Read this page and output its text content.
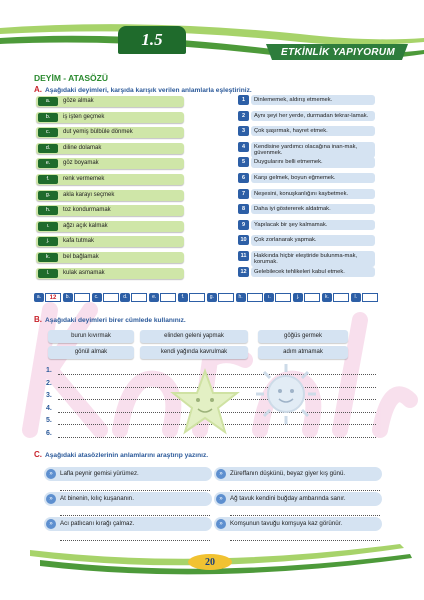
1.5
ETKİNLİK YAPIYORUM
DEYİM - ATASÖZÜ
A. Aşağıdaki deyimleri, karşıda karışık verilen anlamlarla eşleştiriniz.
a.	göze almak
b.	iş işten geçmek
c.	dut yemiş bülbüle dönmek
d.	diline dolamak
e.	göz boyamak
f.	renk vermemek
g.	akla karayı seçmek
h.	toz kondurmamak
ı.	ağzı açık kalmak
j.	kafa tutmak
k.	bel bağlamak
l.	kulak asmamak
1	Dinlememek, aldırış etmemek.
2	Aynı şeyi her yerde, durmadan tekrar-lamak.
3	Çok şaşırmak, hayret etmek.
4	Kendisine yardımcı olacağına inan-mak, güvenmek.
5	Duygularını belli etmemek.
6	Karşı gelmek, boyun eğmemek.
7	Neşesini, konuşkanlığını kaybetmek.
8	Daha iyi göstererek aldatmak.
9	Yapılacak bir şey kalmamak.
10	Çok zorlanarak yapmak.
11	Hakkında hiçbir eleştiride bulunma-mak, korumak.
12	Gelebilecek tehlikeleri kabul etmek.
a.	12	b.	c.	d.	e.	f.	g.	h.	ı.	j.	k.	l.
B. Aşağıdaki deyimleri birer cümlede kullanınız.
burun kıvırmak	elinden geleni yapmak	göğüs germek
gönül almak	kendi yağında kavrulmak	adım atmamak
1.
2.
3.
4.
5.
6.
C. Aşağıdaki atasözlerinin anlamlarını araştırıp yazınız.
»	Lafla peynir gemisi yürümez.	»	Züreffanın düşkünü, beyaz giyer kış günü.
»	At binenin, kılıç kuşananın.	»	Ağ tavuk kendini buğday ambarında sanır.
»	Acı patlıcanı kırağı çalmaz.	»	Komşunun tavuğu komşuya kaz görünür.
20
